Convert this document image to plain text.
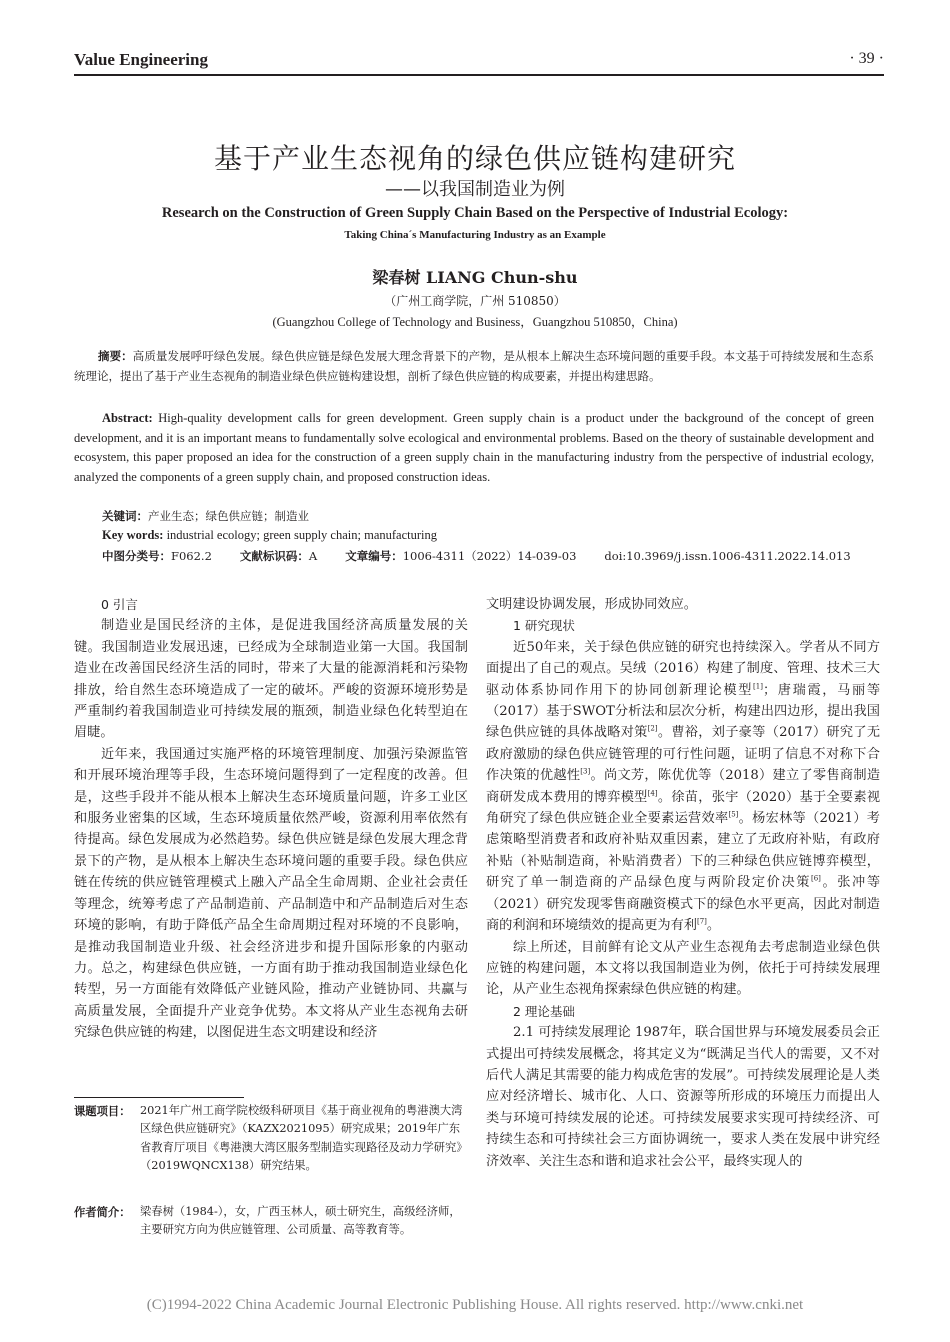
Value Engineering	· 39 ·
基于产业生态视角的绿色供应链构建研究
——以我国制造业为例
Research on the Construction of Green Supply Chain Based on the Perspective of Industrial Ecology:
Taking China´s Manufacturing Industry as an Example
梁春树 LIANG Chun-shu
（广州工商学院，广州 510850）
(Guangzhou College of Technology and Business，Guangzhou 510850，China)
摘要：高质量发展呼吁绿色发展。绿色供应链是绿色发展大理念背景下的产物，是从根本上解决生态环境问题的重要手段。本文基于可持续发展和生态系统理论，提出了基于产业生态视角的制造业绿色供应链构建设想，剖析了绿色供应链的构成要素，并提出构建思路。
Abstract: High-quality development calls for green development. Green supply chain is a product under the background of the concept of green development, and it is an important means to fundamentally solve ecological and environmental problems. Based on the theory of sustainable development and ecosystem, this paper proposed an idea for the construction of a green supply chain in the manufacturing industry from the perspective of industrial ecology, analyzed the components of a green supply chain, and proposed construction ideas.
关键词：产业生态；绿色供应链；制造业
Key words: industrial ecology; green supply chain; manufacturing
中图分类号：F062.2 文献标识码：A 文章编号：1006-4311（2022）14-039-03 doi:10.3969/j.issn.1006-4311.2022.14.013
0 引言

制造业是国民经济的主体，是促进我国经济高质量发展的关键。我国制造业发展迅速，已经成为全球制造业第一大国。我国制造业在改善国民经济生活的同时，带来了大量的能源消耗和污染物排放，给自然生态环境造成了一定的破坏。严峻的资源环境形势是严重制约着我国制造业可持续发展的瓶颈，制造业绿色化转型迫在眉睫。

近年来，我国通过实施严格的环境管理制度、加强污染源监管和开展环境治理等手段，生态环境问题得到了一定程度的改善。但是，这些手段并不能从根本上解决生态环境质量问题，许多工业区和服务业密集的区域，生态环境质量依然严峻，资源利用率依然有待提高。绿色发展成为必然趋势。绿色供应链是绿色发展大理念背景下的产物，是从根本上解决生态环境问题的重要手段。绿色供应链在传统的供应链管理模式上融入产品全生命周期、企业社会责任等理念，统筹考虑了产品制造前、产品制造中和产品制造后对生态环境的影响，有助于降低产品全生命周期过程对环境的不良影响，是推动我国制造业升级、社会经济进步和提升国际形象的内驱动力。总之，构建绿色供应链，一方面有助于推动我国制造业绿色化转型，另一方面能有效降低产业链风险，推动产业链协同、共赢与高质量发展，全面提升产业竞争优势。本文将从产业生态视角去研究绿色供应链的构建，以图促进生态文明建设和经济

文明建设协调发展，形成协同效应。

1 研究现状

近50年来，关于绿色供应链的研究也持续深入。学者从不同方面提出了自己的观点。吴绒（2016）构建了制度、管理、技术三大驱动体系协同作用下的协同创新理论模型[1]；唐瑞霞，马丽等（2017）基于SWOT分析法和层次分析，构建出四边形，提出我国绿色供应链的具体战略对策[2]。曹裕，刘子豪等（2017）研究了无政府激励的绿色供应链管理的可行性问题，证明了信息不对称下合作决策的优越性[3]。尚文芳，陈优优等（2018）建立了零售商制造商研发成本费用的博弈模型[4]。徐苗，张宇（2020）基于全要素视角研究了绿色供应链企业全要素运营效率[5]。杨宏林等（2021）考虑策略型消费者和政府补贴双重因素，建立了无政府补贴，有政府补贴（补贴制造商，补贴消费者）下的三种绿色供应链博弈模型，研究了单一制造商的产品绿色度与两阶段定价决策[6]。张冲等（2021）研究发现零售商融资模式下的绿色水平更高，因此对制造商的利润和环境绩效的提高更为有利[7]。

综上所述，目前鲜有论文从产业生态视角去考虑制造业绿色供应链的构建问题，本文将以我国制造业为例，依托于可持续发展理论，从产业生态视角探索绿色供应链的构建。

2 理论基础

2.1 可持续发展理论 1987年，联合国世界与环境发展委员会正式提出可持续发展概念，将其定义为“既满足当代人的需要，又不对后代人满足其需要的能力构成危害的发展”。可持续发展理论是人类应对经济增长、城市化、人口、资源等所形成的环境压力而提出人类与环境可持续发展的论述。可持续发展要求实现可持续经济、可持续生态和可持续社会三方面协调统一，要求人类在发展中讲究经济效率、关注生态和谐和追求社会公平，最终实现人的

课题项目： 2021年广州工商学院校级科研项目《基于商业视角的粤港澳大湾区绿色供应链研究》（KAZX2021095）研究成果；2019年广东省教育厅项目《粤港澳大湾区服务型制造实现路径及动力学研究》（2019WQNCX138）研究结果。
作者简介： 梁春树（1984-），女，广西玉林人，硕士研究生，高级经济师，主要研究方向为供应链管理、公司质量、高等教育等。
(C)1994-2022 China Academic Journal Electronic Publishing House. All rights reserved. http://www.cnki.net
